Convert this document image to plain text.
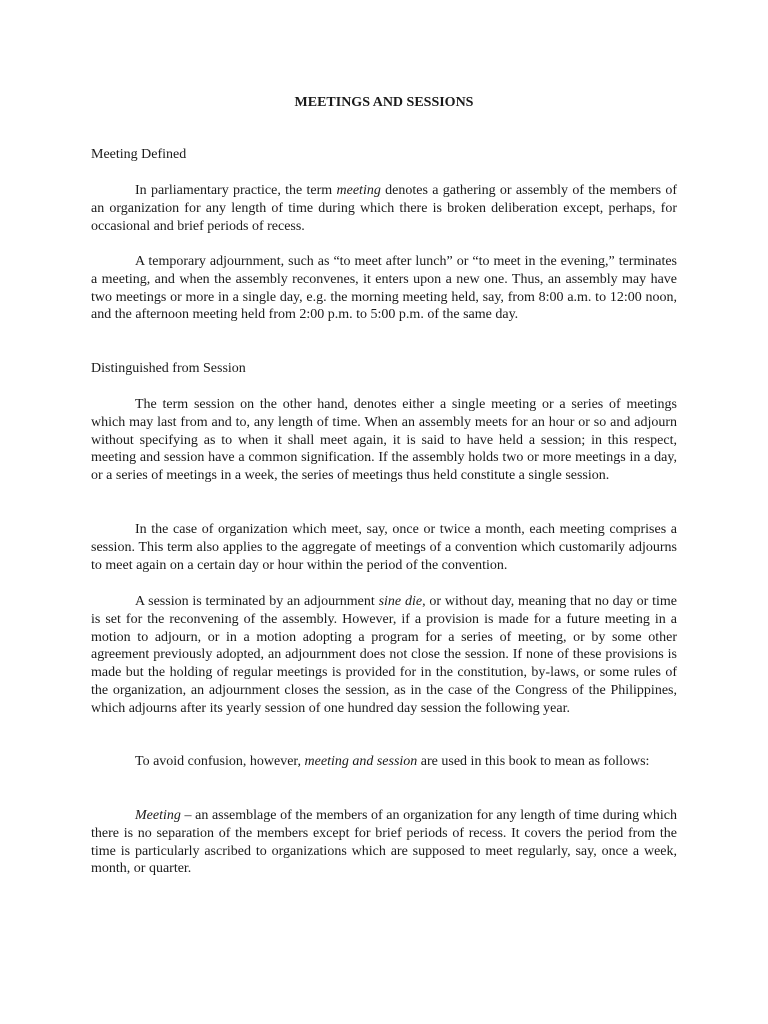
MEETINGS AND SESSIONS
Meeting Defined

In parliamentary practice, the term meeting denotes a gathering or assembly of the members of an organization for any length of time during which there is broken deliberation except, perhaps, for occasional and brief periods of recess.

A temporary adjournment, such as “to meet after lunch” or “to meet in the evening,” terminates a meeting, and when the assembly reconvenes, it enters upon a new one. Thus, an assembly may have two meetings or more in a single day, e.g. the morning meeting held, say, from 8:00 a.m. to 12:00 noon, and the afternoon meeting held from 2:00 p.m. to 5:00 p.m. of the same day.

Distinguished from Session

The term session on the other hand, denotes either a single meeting or a series of meetings which may last from and to, any length of time. When an assembly meets for an hour or so and adjourn without specifying as to when it shall meet again, it is said to have held a session; in this respect, meeting and session have a common signification. If the assembly holds two or more meetings in a day, or a series of meetings in a week, the series of meetings thus held constitute a single session.

In the case of organization which meet, say, once or twice a month, each meeting comprises a session. This term also applies to the aggregate of meetings of a convention which customarily adjourns to meet again on a certain day or hour within the period of the convention.

A session is terminated by an adjournment sine die, or without day, meaning that no day or time is set for the reconvening of the assembly. However, if a provision is made for a future meeting in a motion to adjourn, or in a motion adopting a program for a series of meeting, or by some other agreement previously adopted, an adjournment does not close the session. If none of these provisions is made but the holding of regular meetings is provided for in the constitution, by-laws, or some rules of the organization, an adjournment closes the session, as in the case of the Congress of the Philippines, which adjourns after its yearly session of one hundred day session the following year.

To avoid confusion, however, meeting and session are used in this book to mean as follows:

Meeting – an assemblage of the members of an organization for any length of time during which there is no separation of the members except for brief periods of recess. It covers the period from the time is particularly ascribed to organizations which are supposed to meet regularly, say, once a week, month, or quarter.
